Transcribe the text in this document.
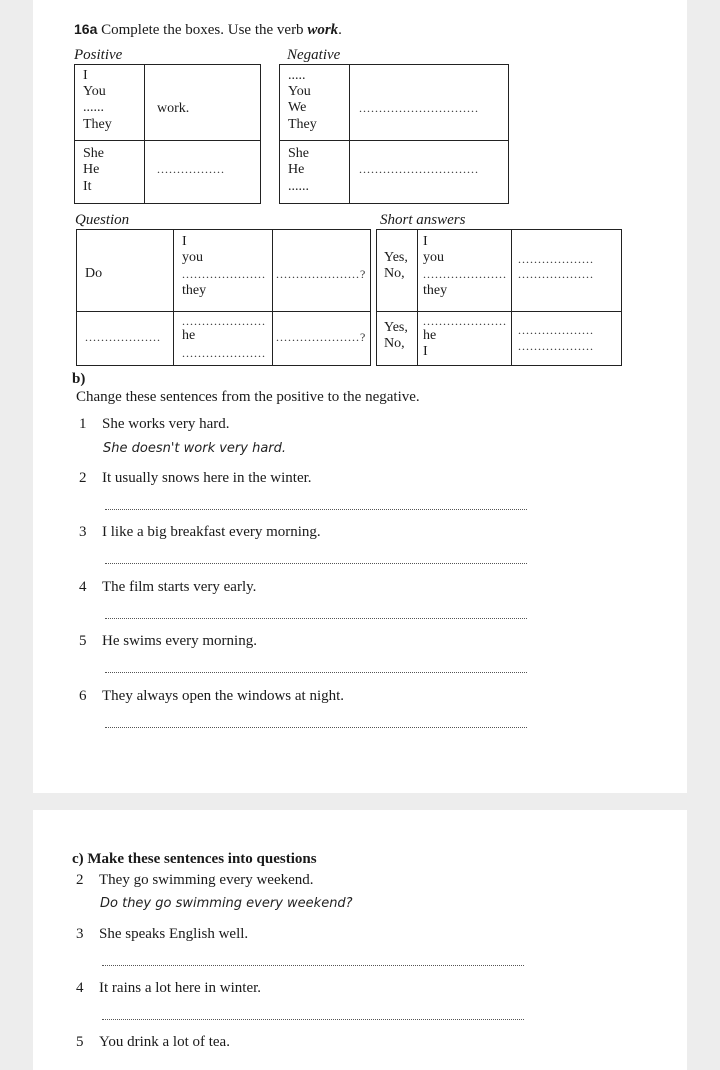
16a Complete the boxes. Use the verb work.
Positive	Negative
I
You
......
They
work.
She
He
It
.................
.....
You
We
They
..............................
She
He
......
..............................
Question	Short answers
Do
I
you
.....................
they
.....................?
...................
.....................
he
.....................
.....................?
Yes,
No,
I
you
.....................
they
...................
...................
Yes,
No,
.....................
he
I
...................
...................
b)
Change these sentences from the positive to the negative.
1 She works very hard.
She doesn't work very hard.
2 It usually snows here in the winter.
3 I like a big breakfast every morning.
4 The film starts very early.
5 He swims every morning.
6 They always open the windows at night.
c) Make these sentences into questions
2 They go swimming every weekend.
Do they go swimming every weekend?
3 She speaks English well.
4 It rains a lot here in winter.
5 You drink a lot of tea.
